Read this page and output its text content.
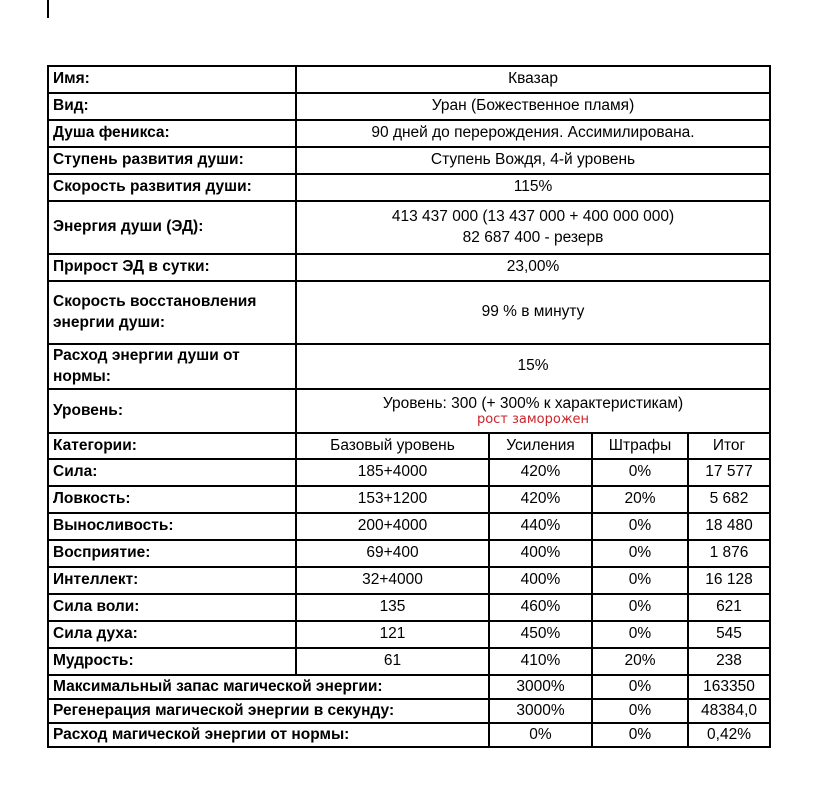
Имя:	Квазар			
Вид:	Уран (Божественное пламя)			
Душа феникса:	90 дней до перерождения. Ассимилирована.			
Ступень развития души:	Ступень Вождя, 4-й уровень			
Скорость развития души:	115%			
Энергия души (ЭД):	413 437 000 (13 437 000 + 400 000 000)
82 687 400 - резерв			

Прирост ЭД в сутки:	23,00%			
Скорость восстановления энергии души:	99 % в минуту			
Расход энергии души от нормы:	15%			
Уровень:	Уровень: 300 (+ 300% к характеристикам)
рост заморожен			

Категории:	Базовый уровень	Усиления	Штрафы	Итог
Сила:	185+4000	420%	0%	17 577
Ловкость:	153+1200	420%	20%	5 682
Выносливость:	200+4000	440%	0%	18 480
Восприятие:	69+400	400%	0%	1 876
Интеллект:	32+4000	400%	0%	16 128
Сила воли:	135	460%	0%	621
Сила духа:	121	450%	0%	545
Мудрость:	61	410%	20%	238
Максимальный запас магической энергии:		3000%	0%	163350
Регенерация магической энергии в секунду:		3000%	0%	48384,0
Расход магической энергии от нормы:		0%	0%	0,42%
